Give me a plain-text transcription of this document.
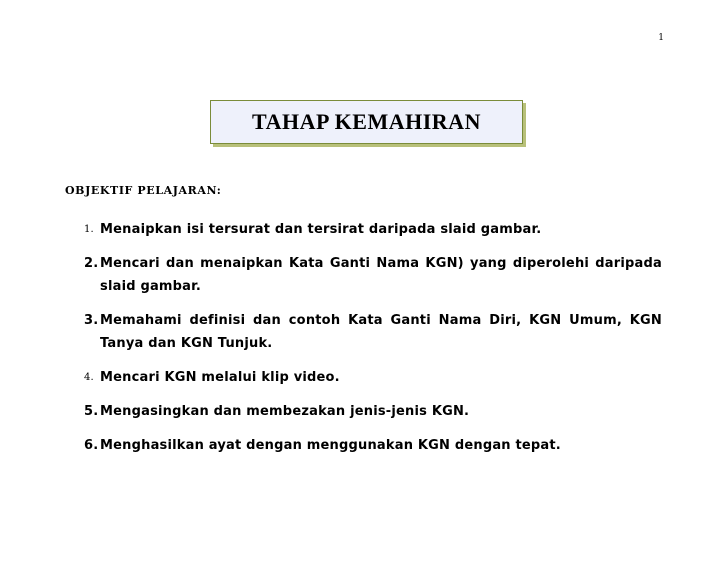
1
TAHAP KEMAHIRAN
OBJEKTIF PELAJARAN:
1. Menaipkan isi tersurat dan tersirat daripada slaid gambar.
2. Mencari dan menaipkan Kata Ganti Nama KGN) yang diperolehi daripada slaid gambar.
3. Memahami definisi dan contoh Kata Ganti Nama Diri, KGN Umum, KGN Tanya dan KGN Tunjuk.
4. Mencari KGN melalui klip video.
5. Mengasingkan dan membezakan jenis-jenis KGN.
6. Menghasilkan ayat dengan menggunakan KGN dengan tepat.
